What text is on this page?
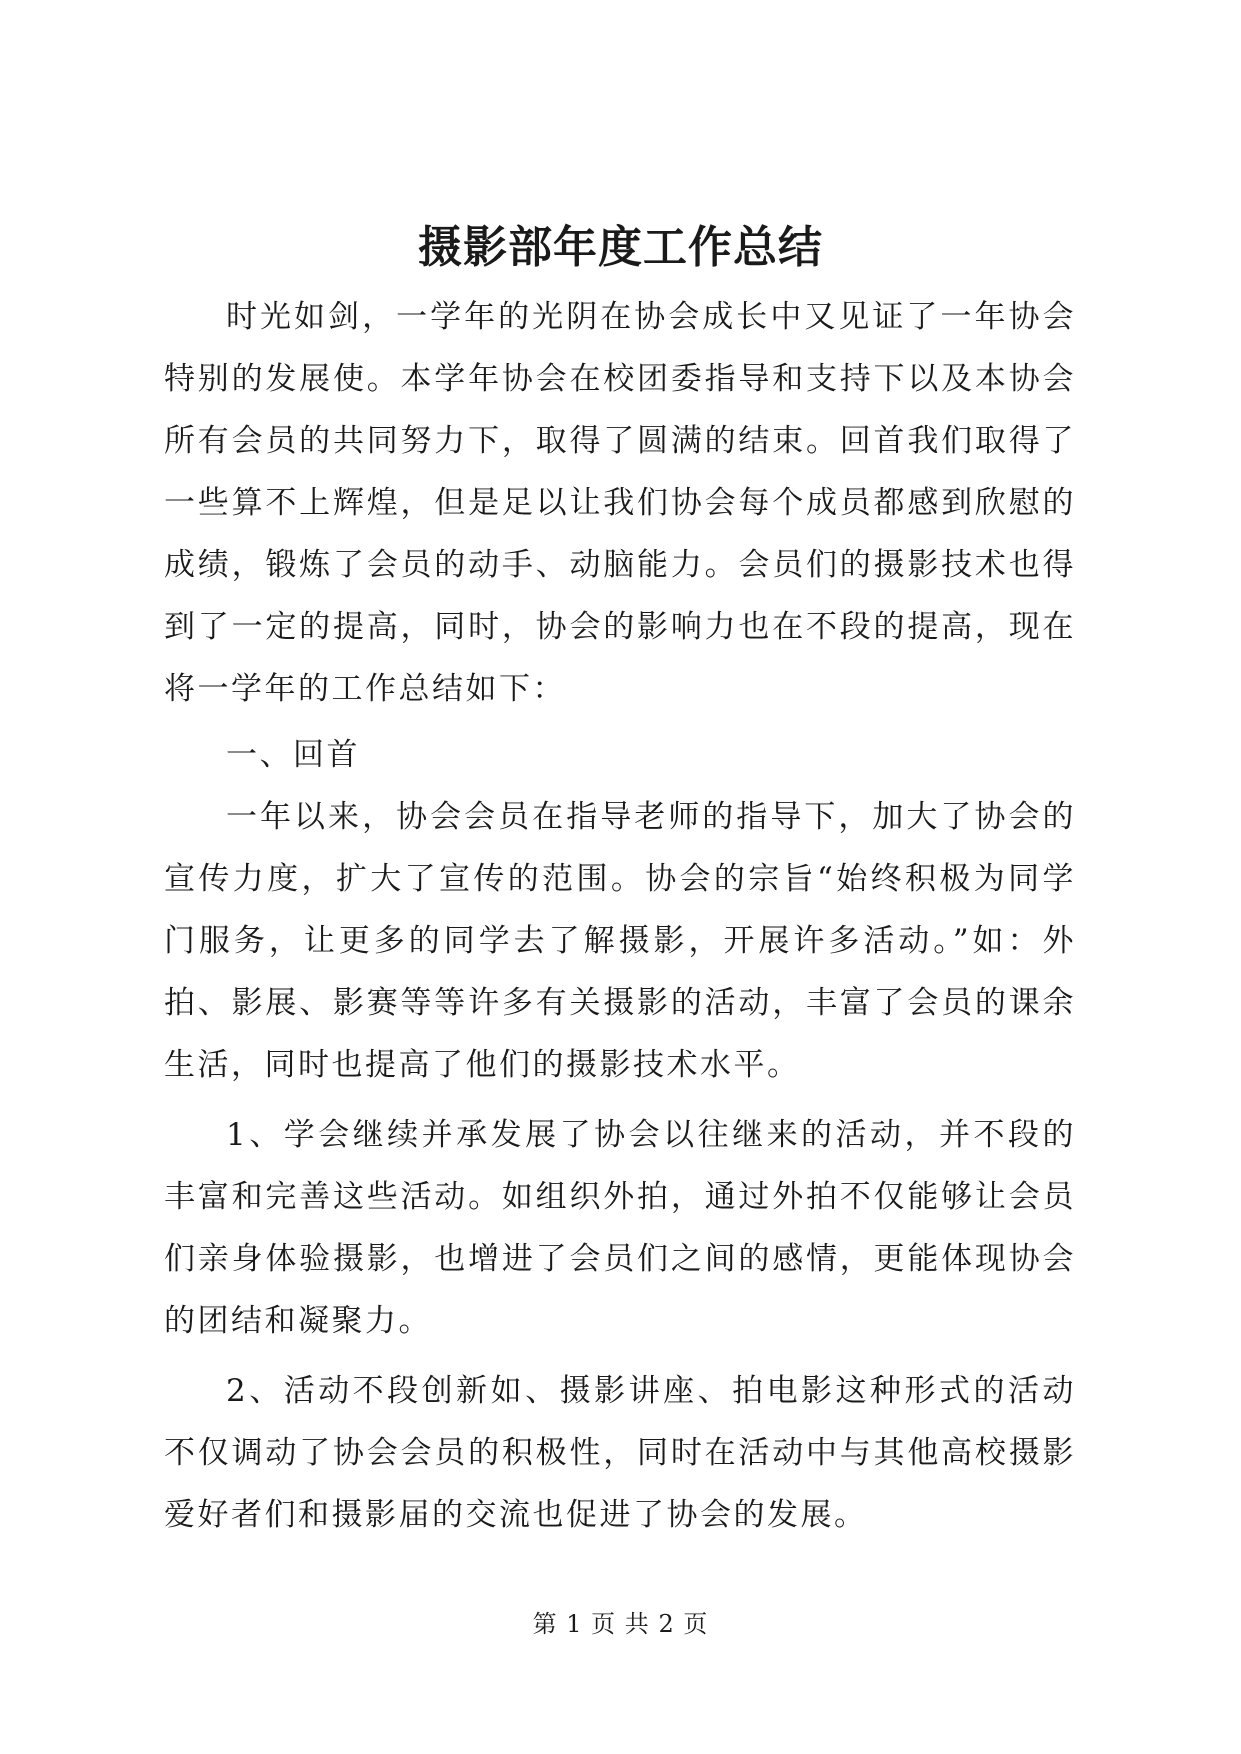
摄影部年度工作总结

时光如剑，一学年的光阴在协会成长中又见证了一年协会特别的发展使。本学年协会在校团委指导和支持下以及本协会所有会员的共同努力下，取得了圆满的结束。回首我们取得了一些算不上辉煌，但是足以让我们协会每个成员都感到欣慰的成绩，锻炼了会员的动手、动脑能力。会员们的摄影技术也得到了一定的提高，同时，协会的影响力也在不段的提高，现在将一学年的工作总结如下：

一、回首

一年以来，协会会员在指导老师的指导下，加大了协会的宣传力度，扩大了宣传的范围。协会的宗旨“始终积极为同学门服务，让更多的同学去了解摄影，开展许多活动。”如：外拍、影展、影赛等等许多有关摄影的活动，丰富了会员的课余生活，同时也提高了他们的摄影技术水平。

1、学会继续并承发展了协会以往继来的活动，并不段的丰富和完善这些活动。如组织外拍，通过外拍不仅能够让会员们亲身体验摄影，也增进了会员们之间的感情，更能体现协会的团结和凝聚力。

2、活动不段创新如、摄影讲座、拍电影这种形式的活动不仅调动了协会会员的积极性，同时在活动中与其他高校摄影爱好者们和摄影届的交流也促进了协会的发展。

第 1 页 共 2 页
